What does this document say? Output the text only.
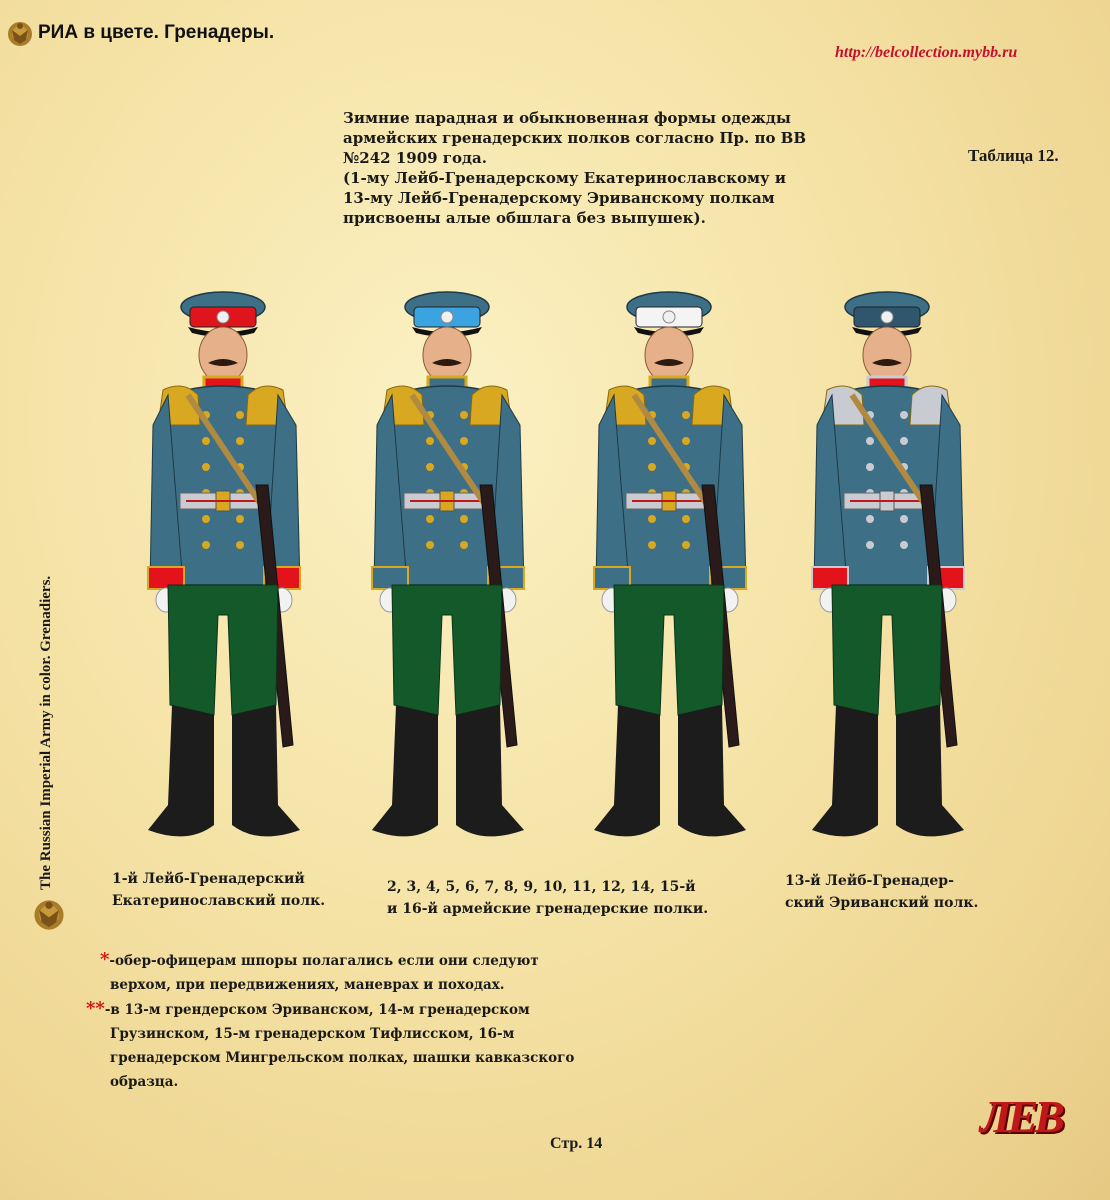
РИА в цвете. Гренадеры.
http://belcollection.mybb.ru
Зимние парадная и обыкновенная формы одежды
армейских гренадерских полков согласно Пр. по ВВ
№242 1909 года.
(1-му Лейб-Гренадерскому Екатеринославскому и
13-му Лейб-Гренадерскому Эриванскому полкам
присвоены алые обшлага без выпушек).
Таблица 12.
The Russian Imperial Army in color. Grenadiers.	1-й Лейб-Гренадерский
Екатеринославский полк.
2, 3, 4, 5, 6, 7, 8, 9, 10, 11, 12, 14, 15-й
и 16-й армейские гренадерские полки.
13-й Лейб-Гренадер-
ский Эриванский полк.
*-обер-офицерам шпоры полагались если они следуют
верхом, при передвижениях, маневрах и походах.
**-в 13-м грендерском Эриванском, 14-м гренадерском
Грузинском, 15-м гренадерском Тифлисском, 16-м
гренадерском Мингрельском полках, шашки кавказского
образца.
Стр. 14
ЛЕВ
